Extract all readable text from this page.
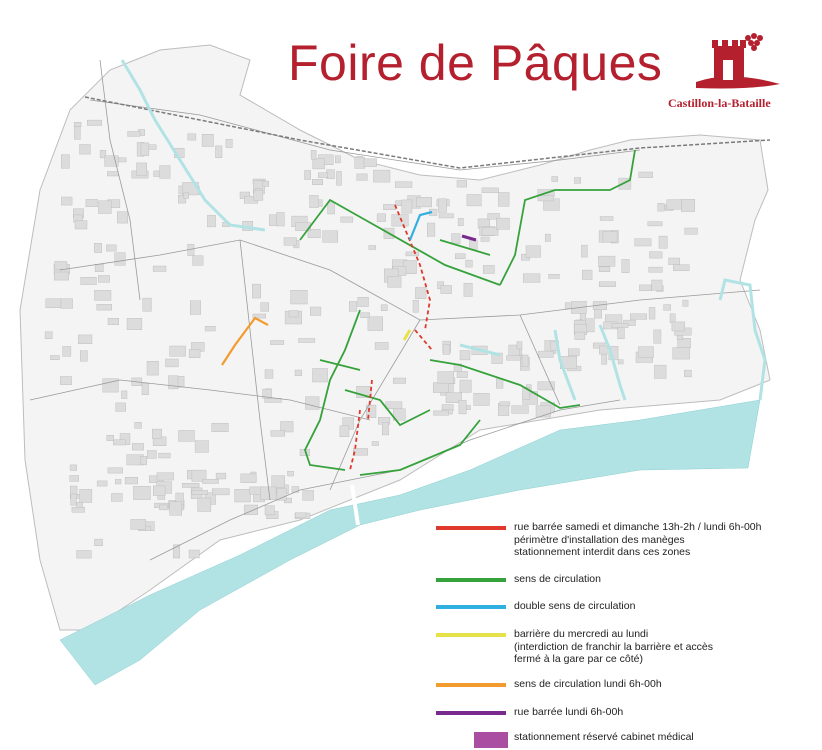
Foire de Pâques
Castillon-la-Bataille
rue barrée samedi et dimanche 13h-2h / lundi 6h-00h
périmètre d'installation des manèges
stationnement interdit dans ces zones
sens de circulation
double sens de circulation
barrière du mercredi au lundi
(interdiction de franchir la barrière et accès
fermé à la gare par ce côté)
sens de circulation lundi 6h-00h
rue barrée lundi 6h-00h
stationnement réservé cabinet médical
